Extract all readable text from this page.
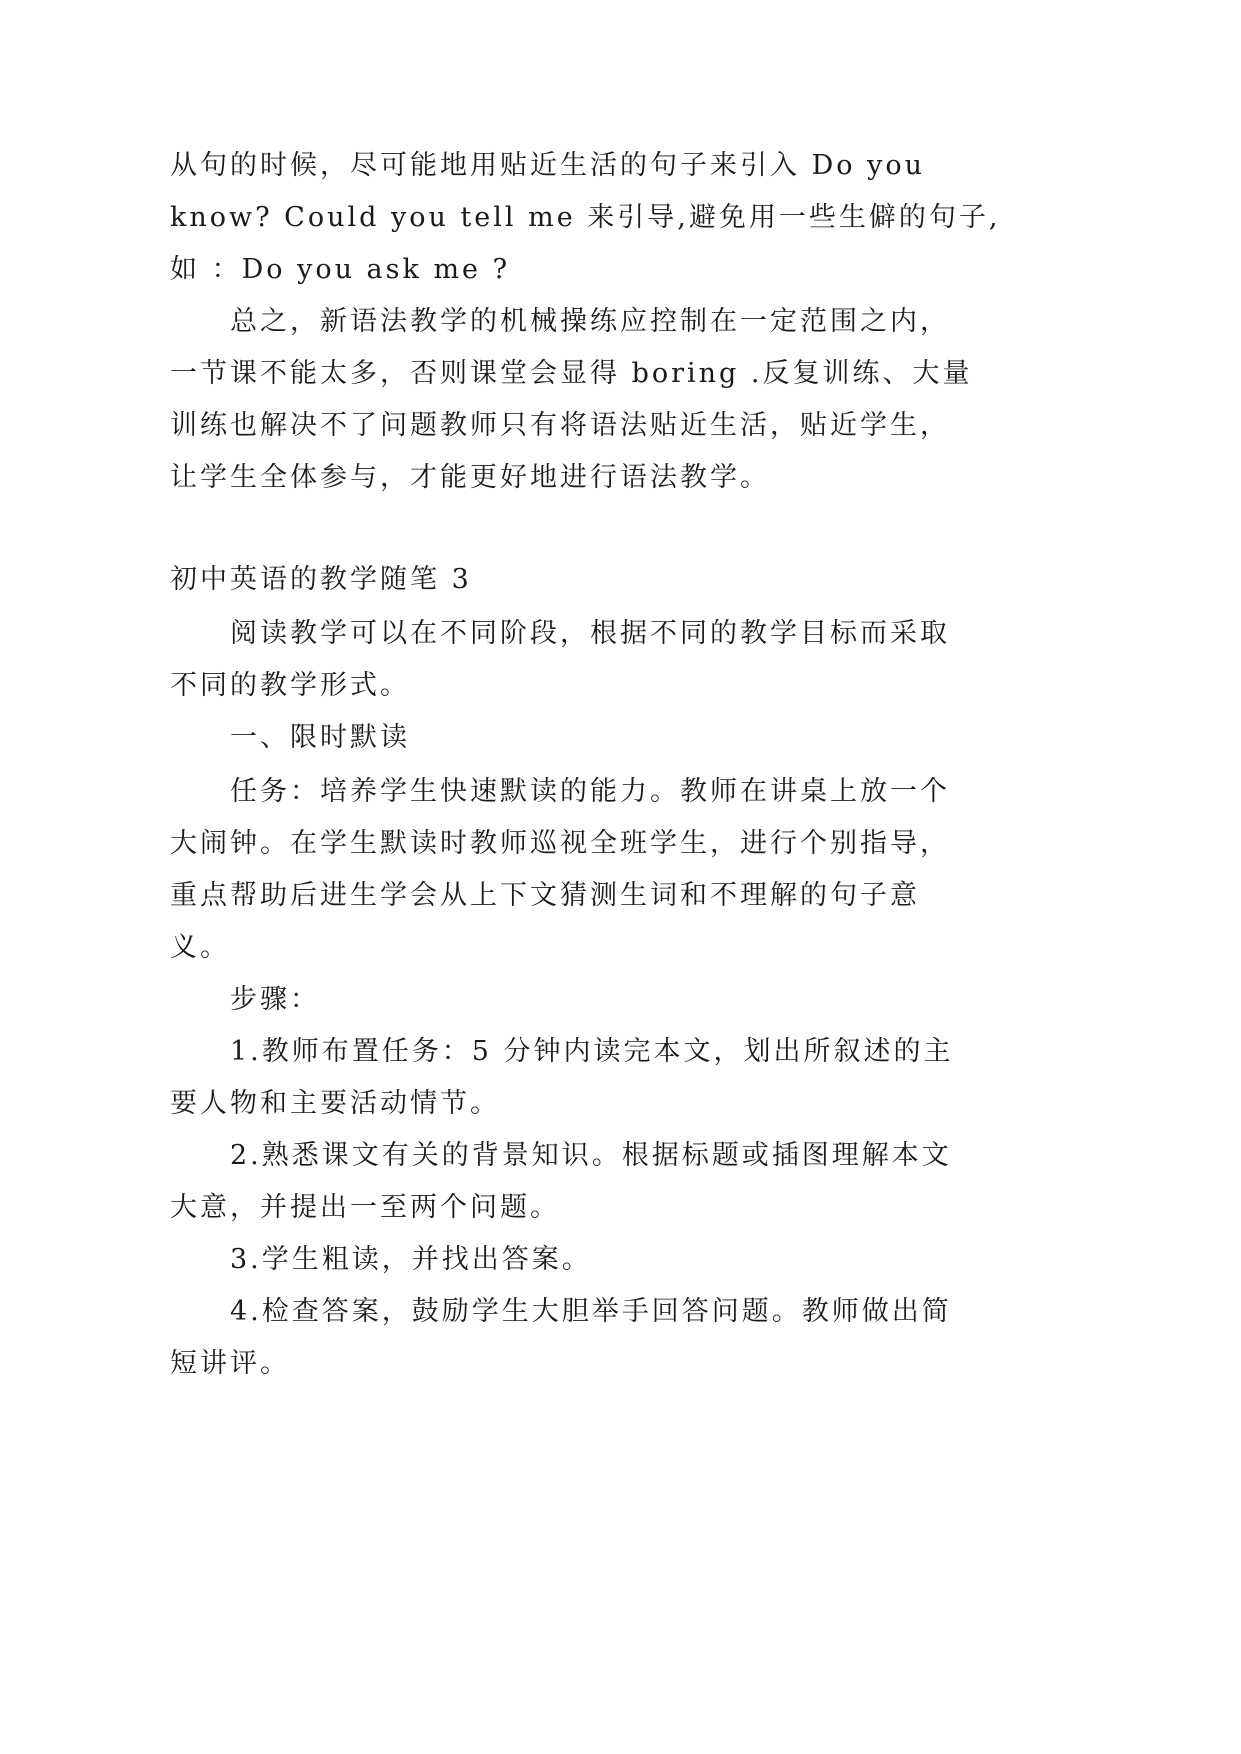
从句的时候，尽可能地用贴近生活的句子来引入 Do you
know? Could you tell me 来引导,避免用一些生僻的句子,
如 ：Do you ask me ?
总之，新语法教学的机械操练应控制在一定范围之内，
一节课不能太多，否则课堂会显得 boring .反复训练、大量
训练也解决不了问题教师只有将语法贴近生活，贴近学生，
让学生全体参与，才能更好地进行语法教学。
初中英语的教学随笔 3
阅读教学可以在不同阶段，根据不同的教学目标而采取
不同的教学形式。
一、限时默读
任务：培养学生快速默读的能力。教师在讲桌上放一个
大闹钟。在学生默读时教师巡视全班学生，进行个别指导，
重点帮助后进生学会从上下文猜测生词和不理解的句子意
义。
步骤：
1.教师布置任务：5 分钟内读完本文，划出所叙述的主
要人物和主要活动情节。
2.熟悉课文有关的背景知识。根据标题或插图理解本文
大意，并提出一至两个问题。
3.学生粗读，并找出答案。
4.检查答案，鼓励学生大胆举手回答问题。教师做出简
短讲评。
